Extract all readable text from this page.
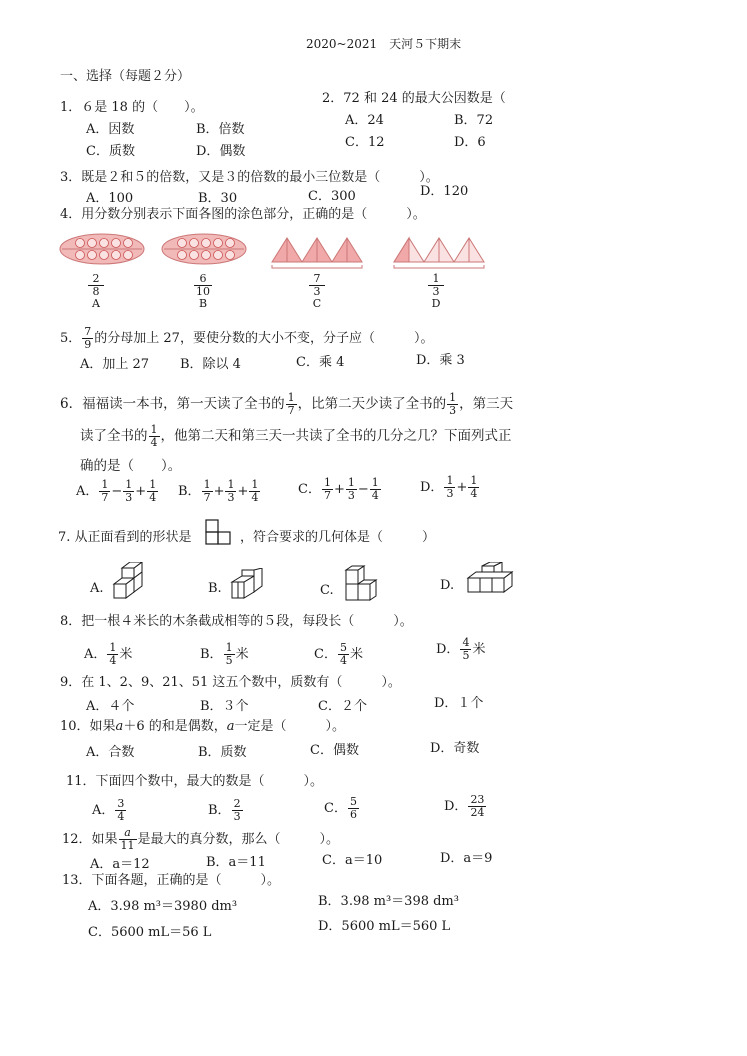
2020~2021　天河５下期末
一、选择（每题２分）
1．６是 18 的（　　）。
A．因数	B．倍数
C．质数	D．偶数
2．72 和 24 的最大公因数是（
A．24	B．72
C．12	D．6
3．既是２和５的倍数，又是３的倍数的最小三位数是（　　　）。
A．100	B．30	C．300	D．120
4．用分数分别表示下面各图的涂色部分，正确的是（　　　）。
2
8
A
6
10
B
7
3
C
1
3
D
5． $\frac{7}{9}$ 的分母加上 27，要使分数的大小不变，分子应（　　　）。
A．加上 27 B．除以 4	C．乘 4	D．乘 3
6．福福读一本书，第一天读了全书的 $\frac{1}{7}$ ，比第二天少读了全书的 $\frac{1}{3}$ ，第三天
读了全书的 $\frac{1}{4}$ ，他第二天和第三天一共读了全书的几分之几？下面列式正
确的是（　　）。
A． $\frac{1}{7} - \frac{1}{3} + \frac{1}{4}$ B． $\frac{1}{7} + \frac{1}{3} + \frac{1}{4}$	C． $\frac{1}{7} + \frac{1}{3} - \frac{1}{4}$	D． $\frac{1}{3} + \frac{1}{4}$
7. 从正面看到的形状是	，符合要求的几何体是（　　　）
A.	B.	C.	D.
8．把一根４米长的木条截成相等的５段，每段长（　　　）。
A． $\frac{1}{4}$ 米	B． $\frac{1}{5}$ 米	C． $\frac{5}{4}$ 米	D． $\frac{4}{5}$ 米
9．在 1、2、9、21、51 这五个数中，质数有（　　　）。
A．４个	B．３个	C．２个	D．１个
10．如果a＋6 的和是偶数，a一定是（　　　）。
A．合数	B．质数	C．偶数	D．奇数
11．下面四个数中，最大的数是（　　　）。
A． $\frac{3}{4}$	B． $\frac{2}{3}$	C． $\frac{5}{6}$	D． $\frac{23}{24}$
12．如果 $\frac{a}{11}$ 是最大的真分数，那么（　　　）。
A．a＝12	B．a＝11	C．a＝10	D．a＝9
13．下面各题，正确的是（　　　）。
A．3.98 m³＝3980 dm³	B．3.98 m³＝398 dm³
C．5600 mL＝56 L	D．5600 mL＝560 L
